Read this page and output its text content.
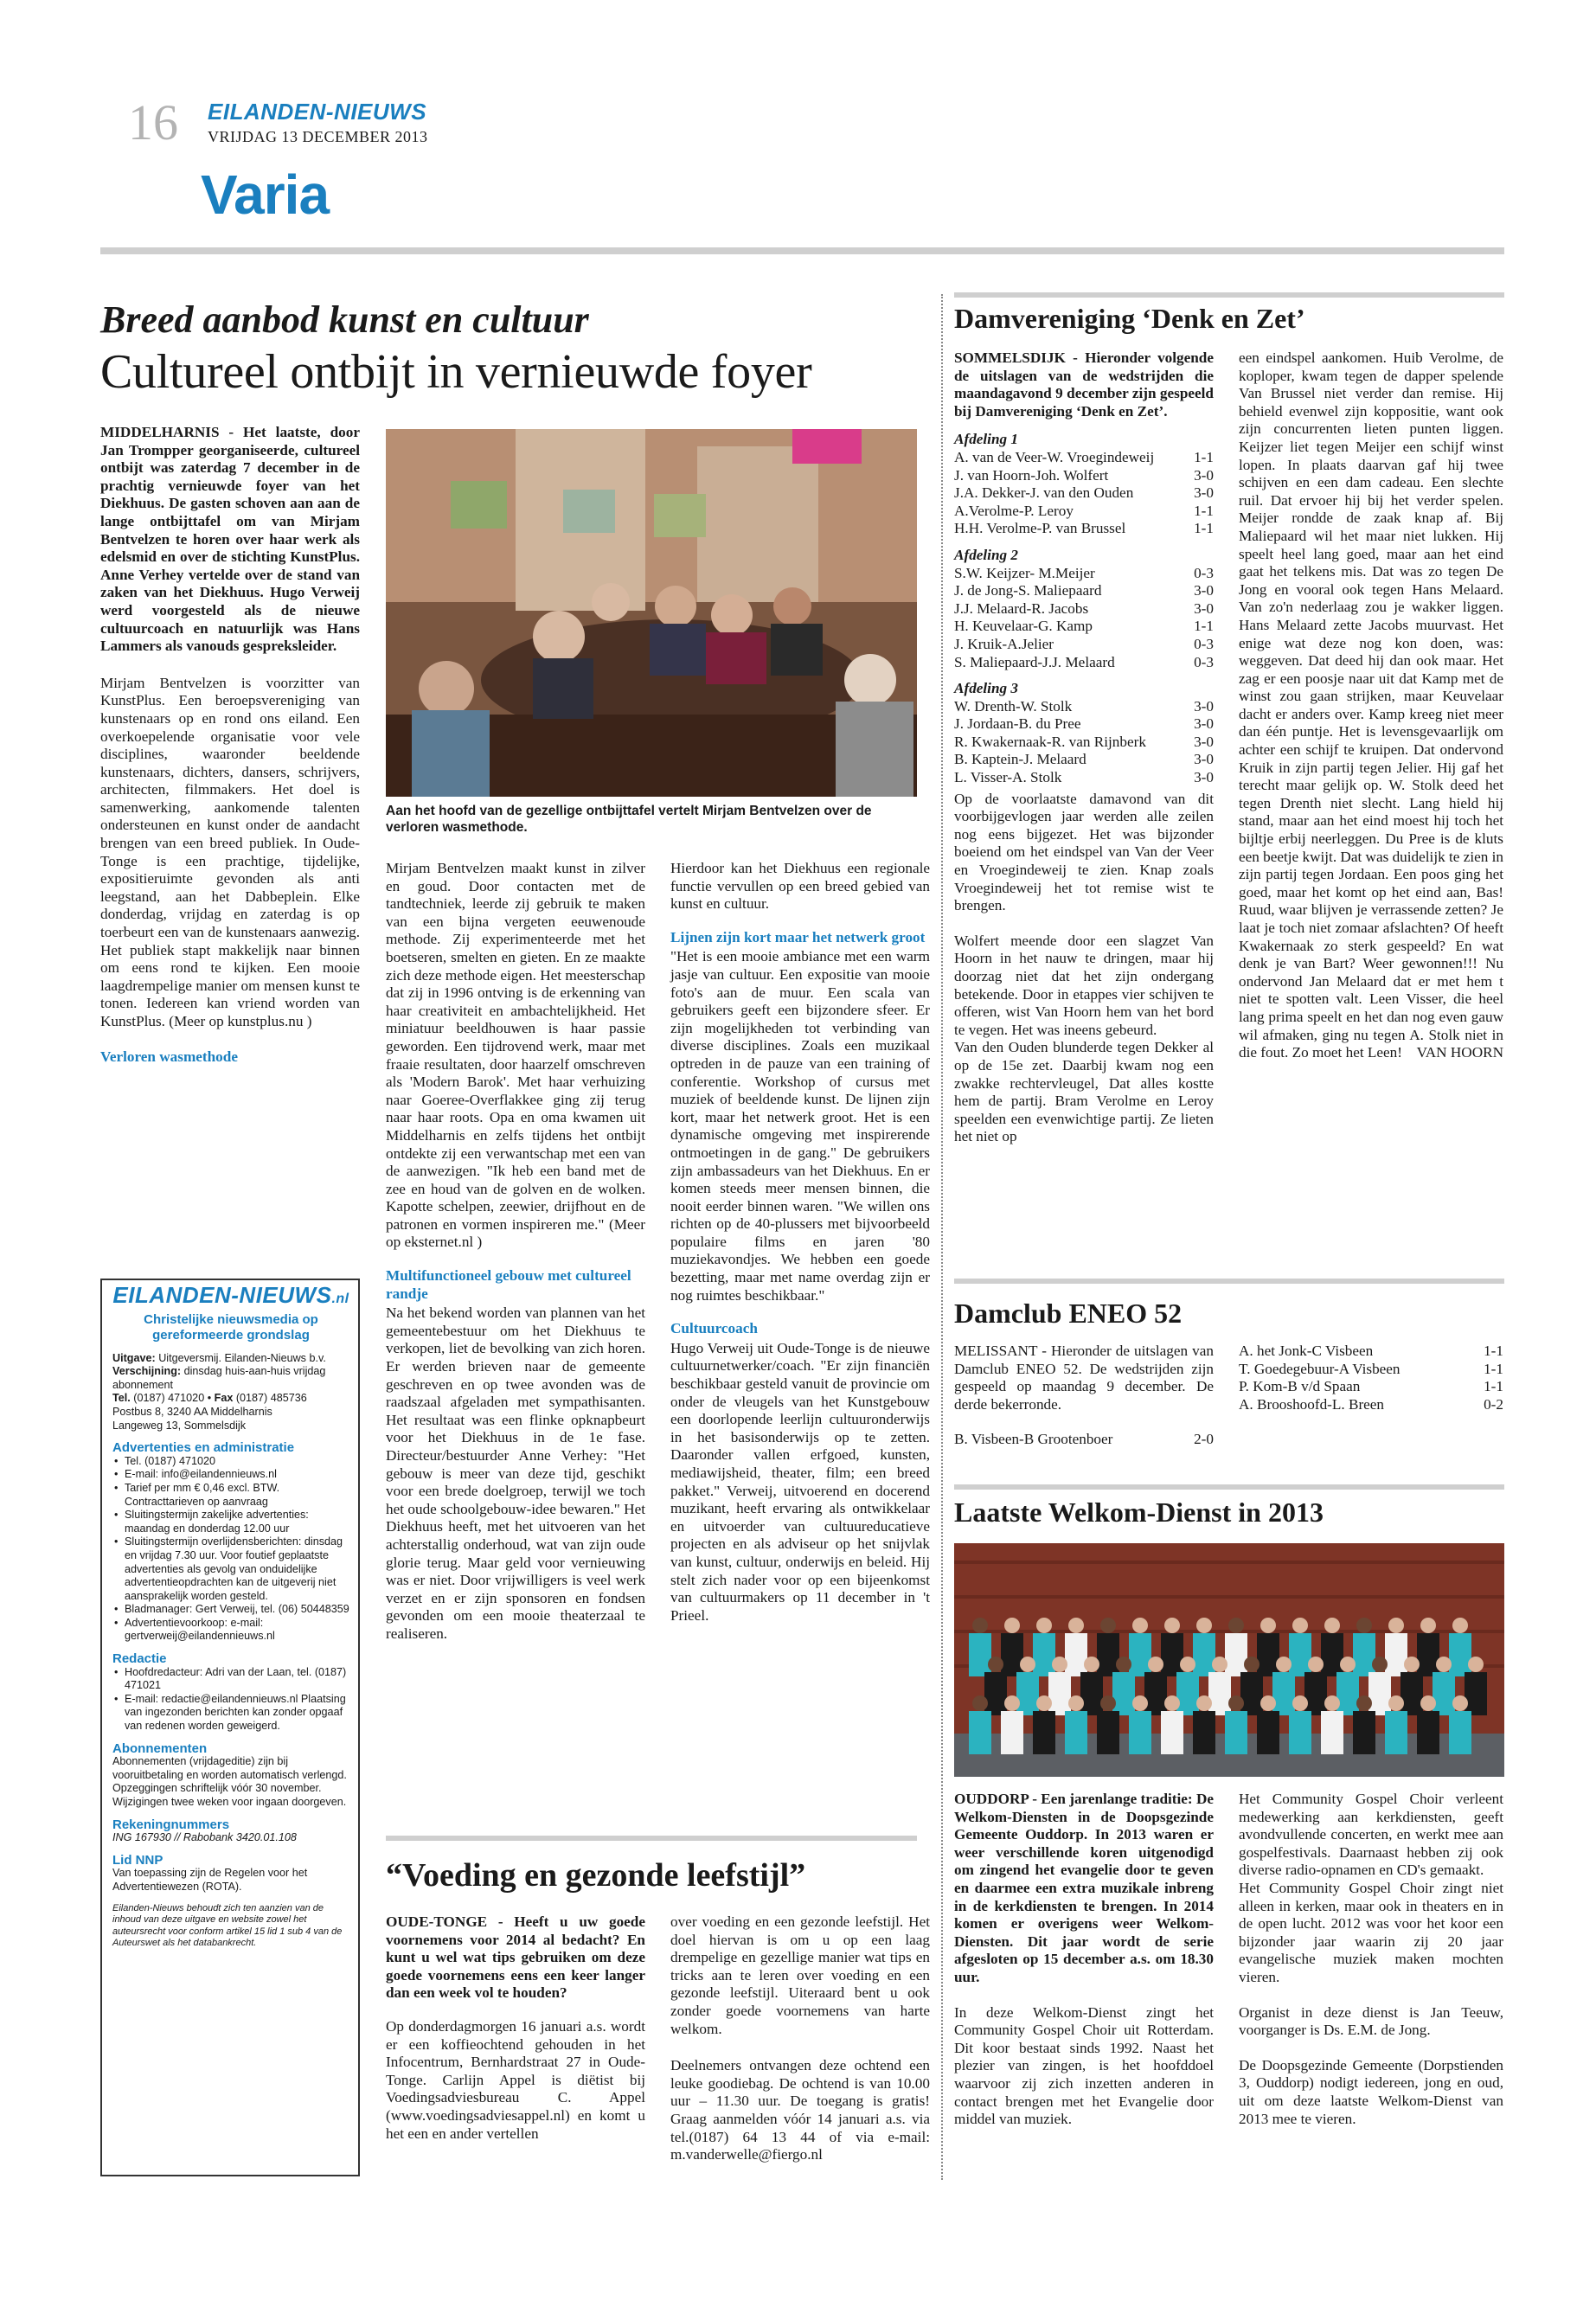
16 EILANDEN-NIEUWS
VRIJDAG 13 DECEMBER 2013
Varia
Breed aanbod kunst en cultuur
Cultureel ontbijt in vernieuwde foyer
MIDDELHARNIS - Het laatste, door Jan Trompper georganiseerde, cultureel ontbijt was zaterdag 7 december in de prachtig vernieuwde foyer van het Diekhuus. De gasten schoven aan aan de lange ontbijttafel om van Mirjam Bentvelzen te horen over haar werk als edelsmid en over de stichting KunstPlus. Anne Verhey vertelde over de stand van zaken van het Diekhuus. Hugo Verweij werd voorgesteld als de nieuwe cultuurcoach en natuurlijk was Hans Lammers als vanouds gespreksleider.
Mirjam Bentvelzen is voorzitter van KunstPlus. Een beroepsvereniging van kunstenaars op en rond ons eiland. Een overkoepelende organisatie voor vele disciplines, waaronder beeldende kunstenaars, dichters, dansers, schrijvers, architecten, filmmakers. Het doel is samenwerking, aankomende talenten ondersteunen en kunst onder de aandacht brengen van een breed publiek. In Oude-Tonge is een prachtige, tijdelijke, expositieruimte gevonden als anti leegstand, aan het Dabbeplein. Elke donderdag, vrijdag en zaterdag is op toerbeurt een van de kunstenaars aanwezig. Het publiek stapt makkelijk naar binnen om eens rond te kijken. Een mooie laagdrempelige manier om mensen kunst te tonen. Iedereen kan vriend worden van KunstPlus. (Meer op kunstplus.nu )
Verloren wasmethode
Aan het hoofd van de gezellige ontbijttafel vertelt Mirjam Bentvelzen over de verloren wasmethode.
Mirjam Bentvelzen maakt kunst in zilver en goud. Door contacten met de tandtechniek, leerde zij gebruik te maken van een bijna vergeten eeuwenoude methode. Zij experimenteerde met het boetseren, smelten en gieten. En ze maakte zich deze methode eigen. Het meesterschap dat zij in 1996 ontving is de erkenning van haar creativiteit en ambachtelijkheid. Het miniatuur beeldhouwen is haar passie geworden. Een tijdrovend werk, maar met fraaie resultaten, door haarzelf omschreven als 'Modern Barok'. Met haar verhuizing naar Goeree-Overflakkee ging zij terug naar haar roots. Opa en oma kwamen uit Middelharnis en zelfs tijdens het ontbijt ontdekte zij een verwantschap met een van de aanwezigen. "Ik heb een band met de zee en houd van de golven en de wolken. Kapotte schelpen, zeewier, drijfhout en de patronen en vormen inspireren me." (Meer op eksternet.nl )
Multifunctioneel gebouw met cultureel randje
Na het bekend worden van plannen van het gemeentebestuur om het Diekhuus te verkopen, liet de bevolking van zich horen. Er werden brieven naar de gemeente geschreven en op twee avonden was de raadszaal afgeladen met sympathisanten. Het resultaat was een flinke opknapbeurt voor het Diekhuus in de 1e fase. Directeur/bestuurder Anne Verhey: "Het gebouw is meer van deze tijd, geschikt voor een brede doelgroep, terwijl we toch het oude schoolgebouw-idee bewaren." Het Diekhuus heeft, met het uitvoeren van het achterstallig onderhoud, wat van zijn oude glorie terug. Maar geld voor vernieuwing was er niet. Door vrijwilligers is veel werk verzet en er zijn sponsoren en fondsen gevonden om een mooie theaterzaal te realiseren.
Hierdoor kan het Diekhuus een regionale functie vervullen op een breed gebied van kunst en cultuur.
Lijnen zijn kort maar het netwerk groot
"Het is een mooie ambiance met een warm jasje van cultuur. Een expositie van mooie foto's aan de muur. Een scala van gebruikers geeft een bijzondere sfeer. Er zijn mogelijkheden tot verbinding van diverse disciplines. Zoals een muzikaal optreden in de pauze van een training of conferentie. Workshop of cursus met muziek of beeldende kunst. De lijnen zijn kort, maar het netwerk groot. Het is een dynamische omgeving met inspirerende ontmoetingen in de gang." De gebruikers zijn ambassadeurs van het Diekhuus. En er komen steeds meer mensen binnen, die nooit eerder binnen waren. "We willen ons richten op de 40-plussers met bijvoorbeeld populaire films en jaren '80 muziekavondjes. We hebben een goede bezetting, maar met name overdag zijn er nog ruimtes beschikbaar."
Cultuurcoach
Hugo Verweij uit Oude-Tonge is de nieuwe cultuurnetwerker/coach. "Er zijn financiën beschikbaar gesteld vanuit de provincie om onder de vleugels van het Kunstgebouw een doorlopende leerlijn cultuuronderwijs in het basisonderwijs op te zetten. Daaronder vallen erfgoed, kunsten, mediawijsheid, theater, film; een breed pakket." Verweij, uitvoerend en docerend muzikant, heeft ervaring als ontwikkelaar en uitvoerder van cultuureducatieve projecten en als adviseur op het snijvlak van kunst, cultuur, onderwijs en beleid. Hij stelt zich nader voor op een bijeenkomst van cultuurmakers op 11 december in 't Prieel.
EILANDEN-NIEUWS.nl
Christelijke nieuwsmedia op gereformeerde grondslag
Uitgave: Uitgeversmij. Eilanden-Nieuws b.v.
Verschijning: dinsdag huis-aan-huis vrijdag abonnement
Tel. (0187) 471020 • Fax (0187) 485736
Postbus 8, 3240 AA Middelharnis
Langeweg 13, Sommelsdijk
Advertenties en administratie
• Tel. (0187) 471020
• E-mail: info@eilandennieuws.nl
• Tarief per mm € 0,46 excl. BTW. Contracttarieven op aanvraag
• Sluitingstermijn zakelijke advertenties: maandag en donderdag 12.00 uur
• Sluitingstermijn overlijdensberichten: dinsdag en vrijdag 7.30 uur. Voor foutief geplaatste advertenties als gevolg van onduidelijke advertentieopdrachten kan de uitgeverij niet aansprakelijk worden gesteld.
• Bladmanager: Gert Verweij, tel. (06) 50448359
• Advertentievoorkoop: e-mail: gertverweij@eilandennieuws.nl
Redactie
• Hoofdredacteur: Adri van der Laan, tel. (0187) 471021
• E-mail: redactie@eilandennieuws.nl Plaatsing van ingezonden berichten kan zonder opgaaf van redenen worden geweigerd.
Abonnementen
Abonnementen (vrijdageditie) zijn bij vooruitbetaling en worden automatisch verlengd. Opzeggingen schriftelijk vóór 30 november. Wijzigingen twee weken voor ingaan doorgeven.
Rekeningnummers
ING 167930 // Rabobank 3420.01.108
Lid NNP
Van toepassing zijn de Regelen voor het Advertentiewezen (ROTA).
Eilanden-Nieuws behoudt zich ten aanzien van de inhoud van deze uitgave en website zowel het auteursrecht voor conform artikel 15 lid 1 sub 4 van de Auteurswet als het databankrecht.
“Voeding en gezonde leefstijl”
OUDE-TONGE - Heeft u uw goede voornemens voor 2014 al bedacht? En kunt u wel wat tips gebruiken om deze goede voornemens eens een keer langer dan een week vol te houden?
Op donderdagmorgen 16 januari a.s. wordt er een koffieochtend gehouden in het Infocentrum, Bernhardstraat 27 in Oude-Tonge. Carlijn Appel is diëtist bij Voedingsadviesbureau C. Appel (www.voedingsadviesappel.nl) en komt u het een en ander vertellen
over voeding en een gezonde leefstijl. Het doel hiervan is om u op een laag drempelige en gezellige manier wat tips en tricks aan te leren over voeding en een gezonde leefstijl. Uiteraard bent u ook zonder goede voornemens van harte welkom.
Deelnemers ontvangen deze ochtend een leuke goodiebag. De ochtend is van 10.00 uur – 11.30 uur. De toegang is gratis! Graag aanmelden vóór 14 januari a.s. via tel.(0187) 64 13 44 of via e-mail: m.vanderwelle@fiergo.nl
Damvereniging ‘Denk en Zet’
SOMMELSDIJK - Hieronder volgende de uitslagen van de wedstrijden die maandagavond 9 december zijn gespeeld bij Damvereniging ‘Denk en Zet’.
Afdeling 1
A. van de Veer-W. Vroegindeweij	1-1
J. van Hoorn-Joh. Wolfert	3-0
J.A. Dekker-J. van den Ouden	3-0
A.Verolme-P. Leroy	1-1
H.H. Verolme-P. van Brussel	1-1
Afdeling 2
S.W. Keijzer- M.Meijer	0-3
J. de Jong-S. Maliepaard	3-0
J.J. Melaard-R. Jacobs	3-0
H. Keuvelaar-G. Kamp	1-1
J. Kruik-A.Jelier	0-3
S. Maliepaard-J.J. Melaard	0-3
Afdeling 3
W. Drenth-W. Stolk	3-0
J. Jordaan-B. du Pree	3-0
R. Kwakernaak-R. van Rijnberk	3-0
B. Kaptein-J. Melaard	3-0
L. Visser-A. Stolk	3-0
Op de voorlaatste damavond van dit voorbijgevlogen jaar werden alle zeilen nog eens bijgezet. Het was bijzonder boeiend om het eindspel van Van der Veer en Vroegindeweij te zien. Knap zoals Vroegindeweij het tot remise wist te brengen.
Wolfert meende door een slagzet Van Hoorn in het nauw te dringen, maar hij doorzag niet dat het zijn ondergang betekende. Door in etappes vier schijven te offeren, wist Van Hoorn hem van het bord te vegen. Het was ineens gebeurd.
Van den Ouden blunderde tegen Dekker al op de 15e zet. Daarbij kwam nog een zwakke rechtervleugel, Dat alles kostte hem de partij. Bram Verolme en Leroy speelden een evenwichtige partij. Ze lieten het niet op
een eindspel aankomen. Huib Verolme, de koploper, kwam tegen de dapper spelende Van Brussel niet verder dan remise. Hij behield evenwel zijn koppositie, want ook zijn concurrenten lieten punten liggen. Keijzer liet tegen Meijer een schijf winst lopen. In plaats daarvan gaf hij twee schijven en een dam cadeau. Een slechte ruil. Dat ervoer hij bij het verder spelen. Meijer rondde de zaak knap af. Bij Maliepaard wil het maar niet lukken. Hij speelt heel lang goed, maar aan het eind gaat het telkens mis. Dat was zo tegen De Jong en vooral ook tegen Hans Melaard. Van zo'n nederlaag zou je wakker liggen. Hans Melaard zette Jacobs muurvast. Het enige wat deze nog kon doen, was: weggeven. Dat deed hij dan ook maar. Het zag er een poosje naar uit dat Kamp met de winst zou gaan strijken, maar Keuvelaar dacht er anders over. Kamp kreeg niet meer dan één puntje. Het is levensgevaarlijk om achter een schijf te kruipen. Dat ondervond Kruik in zijn partij tegen Jelier. Hij gaf het terecht maar gelijk op. W. Stolk deed het tegen Drenth niet slecht. Lang hield hij stand, maar aan het eind moest hij toch het bijltje erbij neerleggen. Du Pree is de kluts een beetje kwijt. Dat was duidelijk te zien in zijn partij tegen Jordaan. Een poos ging het goed, maar het komt op het eind aan, Bas! Ruud, waar blijven je verrassende zetten? Je laat je toch niet zomaar afslachten? Of heeft Kwakernaak zo sterk gespeeld? En wat denk je van Bart? Weer gewonnen!!! Nu ondervond Jan Melaard dat er met hem t niet te spotten valt. Leen Visser, die heel lang prima speelt en het dan nog even gauw wil afmaken, ging nu tegen A. Stolk niet in die fout. Zo moet het Leen! VAN HOORN
Damclub ENEO 52
MELISSANT - Hieronder de uitslagen van Damclub ENEO 52. De wedstrijden zijn gespeeld op maandag 9 december. De derde bekerronde.
B. Visbeen-B Grootenboer	2-0
A. het Jonk-C Visbeen	1-1
T. Goedegebuur-A Visbeen	1-1
P. Kom-B v/d Spaan	1-1
A. Brooshoofd-L. Breen	0-2
Laatste Welkom-Dienst in 2013
OUDDORP - Een jarenlange traditie: De Welkom-Diensten in de Doopsgezinde Gemeente Ouddorp. In 2013 waren er weer verschillende koren uitgenodigd om zingend het evangelie door te geven en daarmee een extra muzikale inbreng in de kerkdiensten te brengen. In 2014 komen er overigens weer Welkom-Diensten. Dit jaar wordt de serie afgesloten op 15 december a.s. om 18.30 uur.
In deze Welkom-Dienst zingt het Community Gospel Choir uit Rotterdam. Dit koor bestaat sinds 1992. Naast het plezier van zingen, is het hoofddoel waarvoor zij zich inzetten anderen in contact brengen met het Evangelie door middel van muziek.
Het Community Gospel Choir verleent medewerking aan kerkdiensten, geeft avondvullende concerten, en werkt mee aan gospelfestivals. Daarnaast hebben zij ook diverse radio-opnamen en CD's gemaakt.
Het Community Gospel Choir zingt niet alleen in kerken, maar ook in theaters en in de open lucht. 2012 was voor het koor een bijzonder jaar waarin zij 20 jaar evangelische muziek maken mochten vieren.
Organist in deze dienst is Jan Teeuw, voorganger is Ds. E.M. de Jong.
De Doopsgezinde Gemeente (Dorpstienden 3, Ouddorp) nodigt iedereen, jong en oud, uit om deze laatste Welkom-Dienst van 2013 mee te vieren.
